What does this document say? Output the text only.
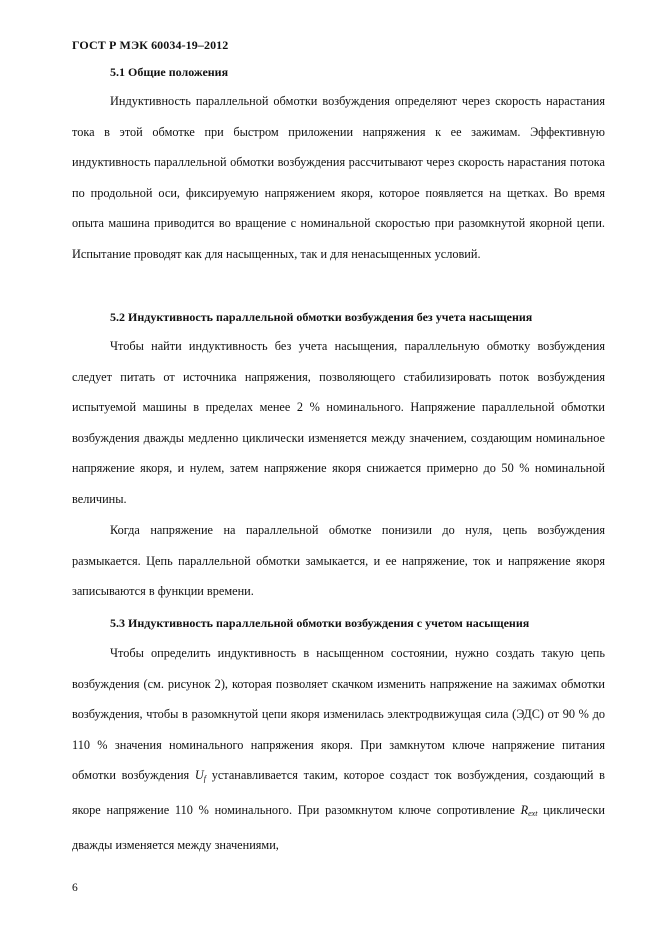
ГОСТ Р МЭК 60034-19–2012
5.1 Общие положения

Индуктивность параллельной обмотки возбуждения определяют через скорость нарастания тока в этой обмотке при быстром приложении напряжения к ее зажимам. Эффективную индуктивность параллельной обмотки возбуждения рассчитывают через скорость нарастания потока по продольной оси, фиксируемую напряжением якоря, которое появляется на щетках. Во время опыта машина приводится во вращение с номинальной скоростью при разомкнутой якорной цепи. Испытание проводят как для насыщенных, так и для ненасыщенных условий.

5.2 Индуктивность параллельной обмотки возбуждения без учета насыщения

Чтобы найти индуктивность без учета насыщения, параллельную обмотку возбуждения следует питать от источника напряжения, позволяющего стабилизировать поток возбуждения испытуемой машины в пределах менее 2 % номинального. Напряжение параллельной обмотки возбуждения дважды медленно циклически изменяется между значением, создающим номинальное напряжение якоря, и нулем, затем напряжение якоря снижается примерно до 50 % номинальной величины.

Когда напряжение на параллельной обмотке понизили до нуля, цепь возбуждения размыкается. Цепь параллельной обмотки замыкается, и ее напряжение, ток и напряжение якоря записываются в функции времени.

5.3 Индуктивность параллельной обмотки возбуждения с учетом насыщения

Чтобы определить индуктивность в насыщенном состоянии, нужно создать такую цепь возбуждения (см. рисунок 2), которая позволяет скачком изменить напряжение на зажимах обмотки возбуждения, чтобы в разомкнутой цепи якоря изменилась электродвижущая сила (ЭДС) от 90 % до 110 % значения номинального напряжения якоря. При замкнутом ключе напряжение питания обмотки возбуждения $U_f$ устанавливается таким, которое создаст ток возбуждения, создающий в якоре напряжение 110 % номинального. При разомкнутом ключе сопротивление $R_{ext}$ циклически дважды изменяется между значениями,

6
